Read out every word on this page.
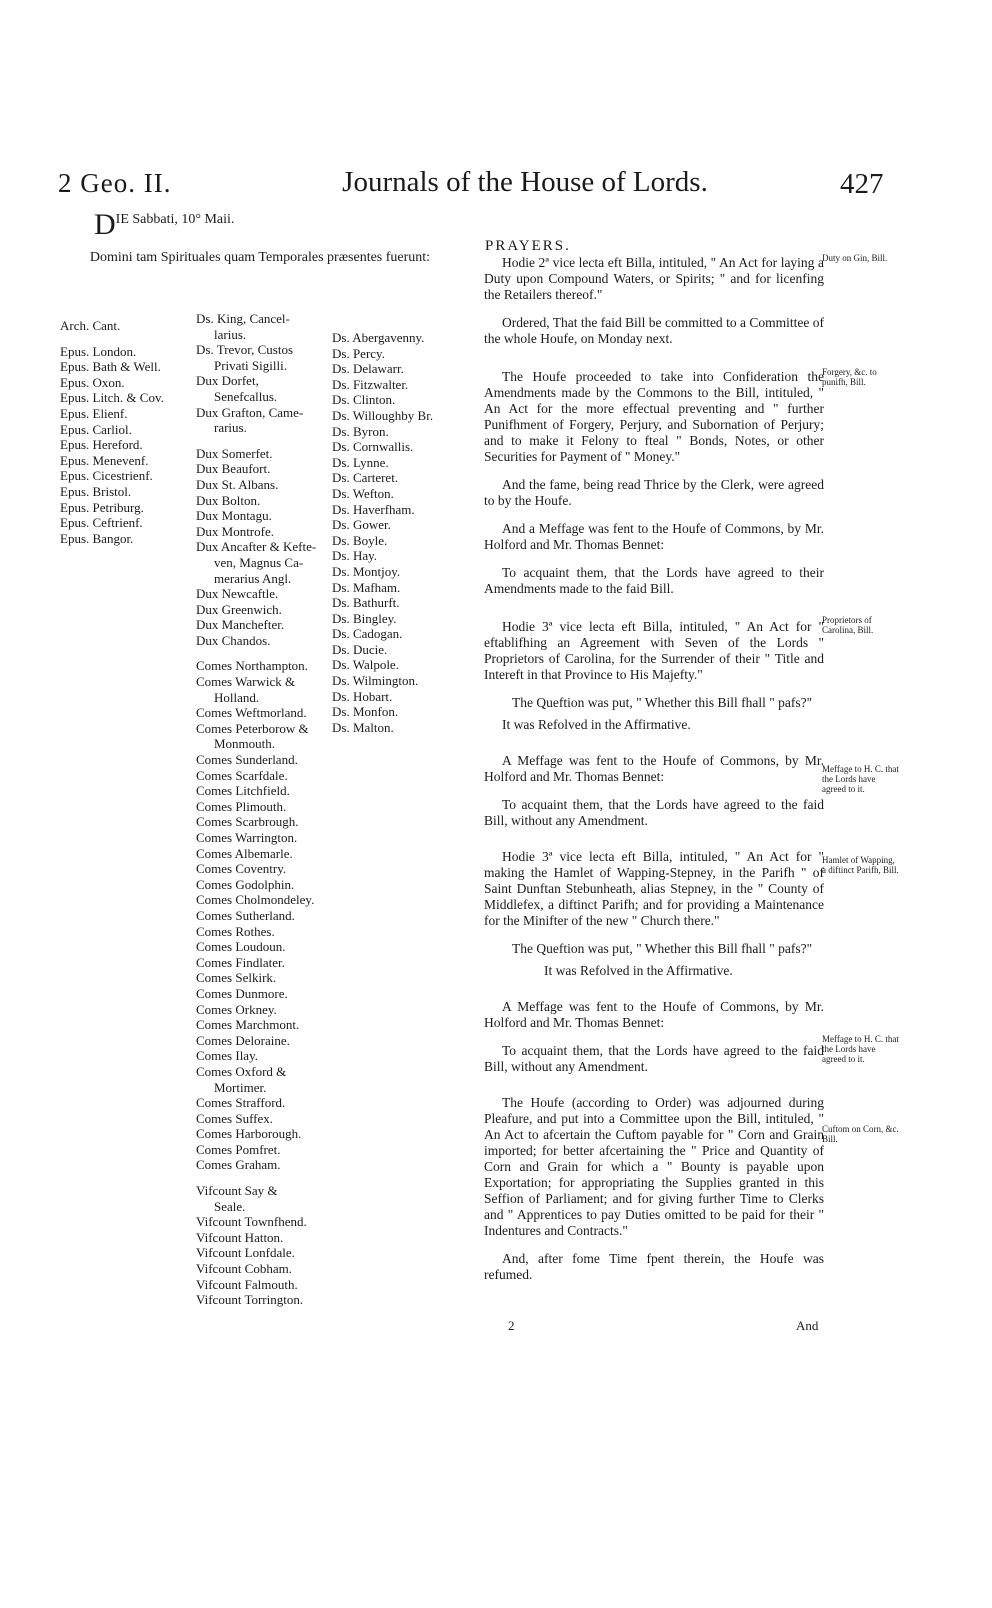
2 Geo. II.	Journals of the House of Lords.	427
DIE Sabbati, 10° Maii.
PRAYERS.
Domini tam Spirituales quam Temporales præsentes fuerunt:
Arch. Cant.
Epus. London.
Epus. Bath & Well.
Epus. Oxon.
Epus. Litch. & Cov.
Epus. Elienf.
Epus. Carliol.
Epus. Hereford.
Epus. Menevenf.
Epus. Cicestrienf.
Epus. Bristol.
Epus. Petriburg.
Epus. Ceftrienf.
Epus. Bangor.
Ds. King, Cancel-
larius.
Ds. Trevor, Custos
Privati Sigilli.
Dux Dorfet,
Senefcallus.
Dux Grafton, Came-
rarius.
Dux Somerfet.
Dux Beaufort.
Dux St. Albans.
Dux Bolton.
Dux Montagu.
Dux Montrofe.
Dux Ancafter & Kefte-
ven, Magnus Ca-
merarius Angl.
Dux Newcaftle.
Dux Greenwich.
Dux Manchefter.
Dux Chandos.
Comes Northampton.
Comes Warwick &
Holland.
Comes Weftmorland.
Comes Peterborow &
Monmouth.
Comes Sunderland.
Comes Scarfdale.
Comes Litchfield.
Comes Plimouth.
Comes Scarbrough.
Comes Warrington.
Comes Albemarle.
Comes Coventry.
Comes Godolphin.
Comes Cholmondeley.
Comes Sutherland.
Comes Rothes.
Comes Loudoun.
Comes Findlater.
Comes Selkirk.
Comes Dunmore.
Comes Orkney.
Comes Marchmont.
Comes Deloraine.
Comes Ilay.
Comes Oxford &
Mortimer.
Comes Strafford.
Comes Suffex.
Comes Harborough.
Comes Pomfret.
Comes Graham.
Vifcount Say &
Seale.
Vifcount Townfhend.
Vifcount Hatton.
Vifcount Lonfdale.
Vifcount Cobham.
Vifcount Falmouth.
Vifcount Torrington.
Ds. Abergavenny.
Ds. Percy.
Ds. Delawarr.
Ds. Fitzwalter.
Ds. Clinton.
Ds. Willoughby Br.
Ds. Byron.
Ds. Cornwallis.
Ds. Lynne.
Ds. Carteret.
Ds. Wefton.
Ds. Haverfham.
Ds. Gower.
Ds. Boyle.
Ds. Hay.
Ds. Montjoy.
Ds. Mafham.
Ds. Bathurft.
Ds. Bingley.
Ds. Cadogan.
Ds. Ducie.
Ds. Walpole.
Ds. Wilmington.
Ds. Hobart.
Ds. Monfon.
Ds. Malton.

Hodie 2ª vice lecta eft Billa, intituled, " An Act for laying a Duty upon Compound Waters, or Spirits; " and for licenfing the Retailers thereof."

Ordered, That the faid Bill be committed to a Committee of the whole Houfe, on Monday next.

The Houfe proceeded to take into Confideration the Amendments made by the Commons to the Bill, intituled, " An Act for the more effectual preventing and " further Punifhment of Forgery, Perjury, and Subornation of Perjury; and to make it Felony to fteal " Bonds, Notes, or other Securities for Payment of " Money."

And the fame, being read Thrice by the Clerk, were agreed to by the Houfe.

And a Meffage was fent to the Houfe of Commons, by Mr. Holford and Mr. Thomas Bennet:

To acquaint them, that the Lords have agreed to their Amendments made to the faid Bill.

Hodie 3ª vice lecta eft Billa, intituled, " An Act for " eftablifhing an Agreement with Seven of the Lords " Proprietors of Carolina, for the Surrender of their " Title and Intereft in that Province to His Majefty."

The Queftion was put, " Whether this Bill fhall " pafs?"

It was Refolved in the Affirmative.

A Meffage was fent to the Houfe of Commons, by Mr. Holford and Mr. Thomas Bennet:

To acquaint them, that the Lords have agreed to the faid Bill, without any Amendment.

Hodie 3ª vice lecta eft Billa, intituled, " An Act for " making the Hamlet of Wapping-Stepney, in the Parifh " of Saint Dunftan Stebunheath, alias Stepney, in the " County of Middlefex, a diftinct Parifh; and for providing a Maintenance for the Minifter of the new " Church there."

The Queftion was put, " Whether this Bill fhall " pafs?"

It was Refolved in the Affirmative.

A Meffage was fent to the Houfe of Commons, by Mr. Holford and Mr. Thomas Bennet:

To acquaint them, that the Lords have agreed to the faid Bill, without any Amendment.

The Houfe (according to Order) was adjourned during Pleafure, and put into a Committee upon the Bill, intituled, " An Act to afcertain the Cuftom payable for " Corn and Grain imported; for better afcertaining the " Price and Quantity of Corn and Grain for which a " Bounty is payable upon Exportation; for appropriating the Supplies granted in this Seffion of Parliament; and for giving further Time to Clerks and " Apprentices to pay Duties omitted to be paid for their " Indentures and Contracts."

And, after fome Time fpent therein, the Houfe was refumed.

Duty on Gin, Bill.
Forgery, &c. to punifh, Bill.
Proprietors of Carolina, Bill.
Meffage to H. C. that the Lords have agreed to it.
Hamlet of Wapping, a diftinct Parifh, Bill.
Meffage to H. C. that the Lords have agreed to it.
Cuftom on Corn, &c. Bill.
2	And
